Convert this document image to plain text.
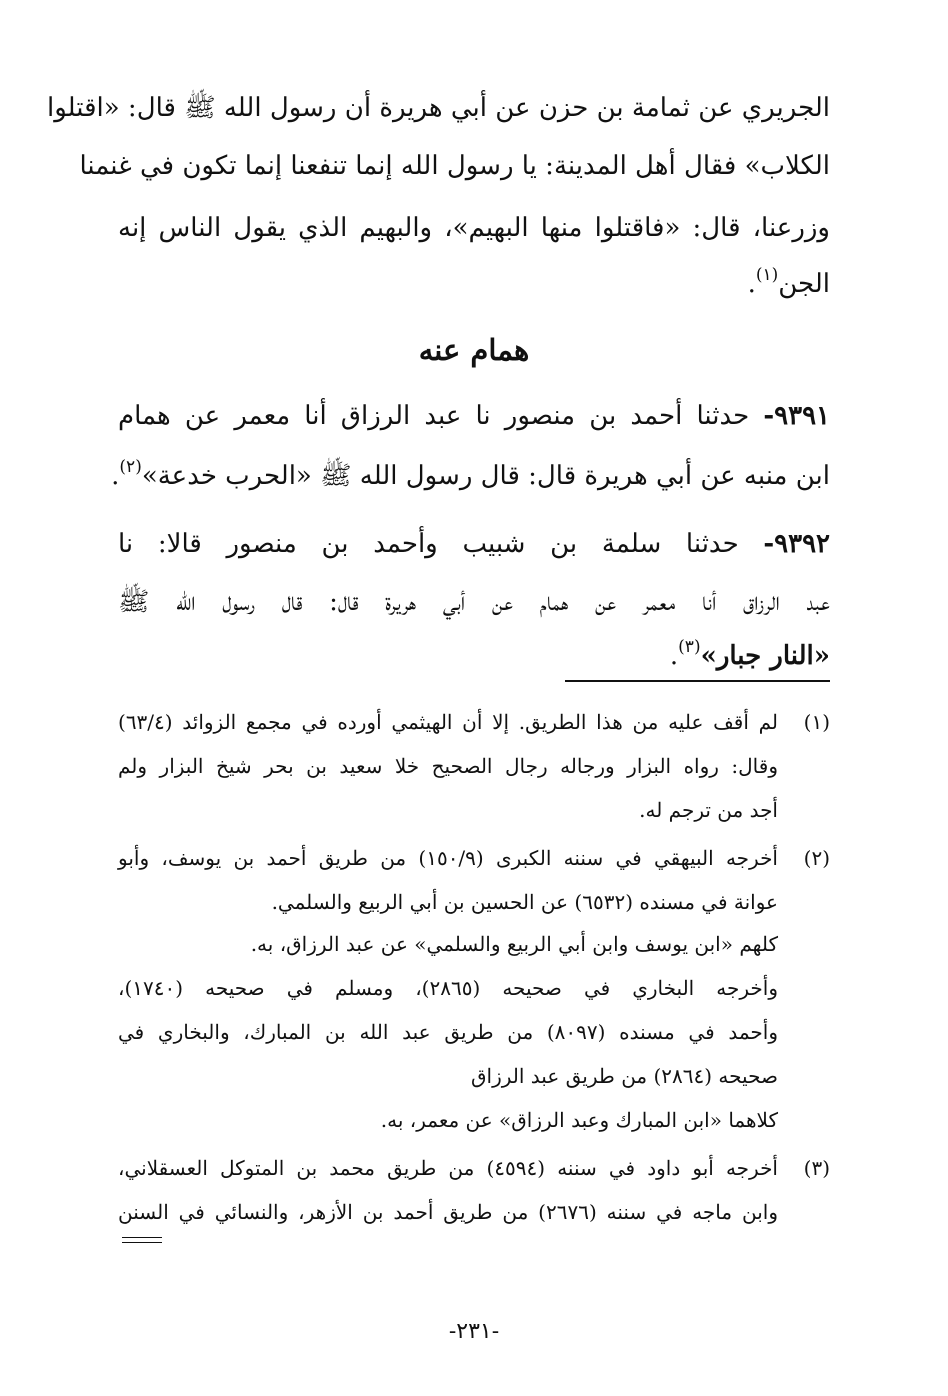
الجريري عن ثمامة بن حزن عن أبي هريرة أن رسول الله ﷺ قال: «اقتلوا
الكلاب» فقال أهل المدينة: يا رسول الله إنما تنفعنا إنما تكون في غنمنا
وزرعنا، قال: «فاقتلوا منها البهيم»، والبهيم الذي يقول الناس إنه
الجن$^{(١)}$.
همام عنه
٩٣٩١- حدثنا أحمد بن منصور نا عبد الرزاق أنا معمر عن همام
ابن منبه عن أبي هريرة قال: قال رسول الله ﷺ «الحرب خدعة»$^{(٢)}$.
٩٣٩٢- حدثنا سلمة بن شبيب وأحمد بن منصور قالا: نا
عبد الرزاق أنا معمر عن همام عن أبي هريرة قال: قال رسول الله ﷺ
«النار جبار»$^{(٣)}$.
(١)لم أقف عليه من هذا الطريق. إلا أن الهيثمي أورده في مجمع الزوائد (٦٣/٤)
وقال: رواه البزار ورجاله رجال الصحيح خلا سعيد بن بحر شيخ البزار ولم
أجد من ترجم له.
(٢)أخرجه البيهقي في سننه الكبرى (١٥٠/٩) من طريق أحمد بن يوسف، وأبو
عوانة في مسنده (٦٥٣٢) عن الحسين بن أبي الربيع والسلمي.
كلهم «ابن يوسف وابن أبي الربيع والسلمي» عن عبد الرزاق، به.
وأخرجه البخاري في صحيحه (٢٨٦٥)، ومسلم في صحيحه (١٧٤٠)،
وأحمد في مسنده (٨٠٩٧) من طريق عبد الله بن المبارك، والبخاري في
صحيحه (٢٨٦٤) من طريق عبد الرزاق
كلاهما «ابن المبارك وعبد الرزاق» عن معمر، به.
(٣)أخرجه أبو داود في سننه (٤٥٩٤) من طريق محمد بن المتوكل العسقلاني،
وابن ماجه في سننه (٢٦٧٦) من طريق أحمد بن الأزهر، والنسائي في السنن
-٢٣١-
